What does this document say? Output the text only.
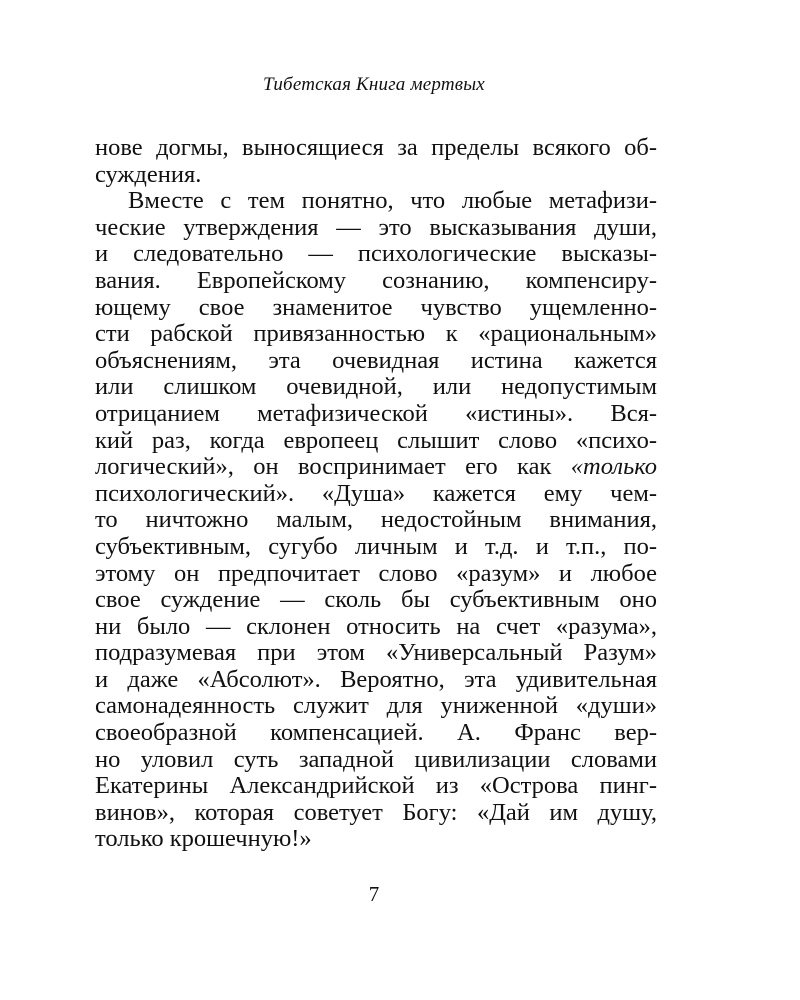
Тибетская Книга мертвых
нове догмы, выносящиеся за пределы всякого об-
суждения.
Вместе с тем понятно, что любые метафизи-
ческие утверждения — это высказывания души,
и следовательно — психологические высказы-
вания. Европейскому сознанию, компенсиру-
ющему свое знаменитое чувство ущемленно-
сти рабской привязанностью к «рациональным»
объяснениям, эта очевидная истина кажется
или слишком очевидной, или недопустимым
отрицанием метафизической «истины». Вся-
кий раз, когда европеец слышит слово «психо-
логический», он воспринимает его как «только
психологический». «Душа» кажется ему чем-
то ничтожно малым, недостойным внимания,
субъективным, сугубо личным и т.д. и т.п., по-
этому он предпочитает слово «разум» и любое
свое суждение — сколь бы субъективным оно
ни было — склонен относить на счет «разума»,
подразумевая при этом «Универсальный Разум»
и даже «Абсолют». Вероятно, эта удивительная
самонадеянность служит для униженной «души»
своеобразной компенсацией. А. Франс вер-
но уловил суть западной цивилизации словами
Екатерины Александрийской из «Острова пинг-
винов», которая советует Богу: «Дай им душу,
только крошечную!»
7
